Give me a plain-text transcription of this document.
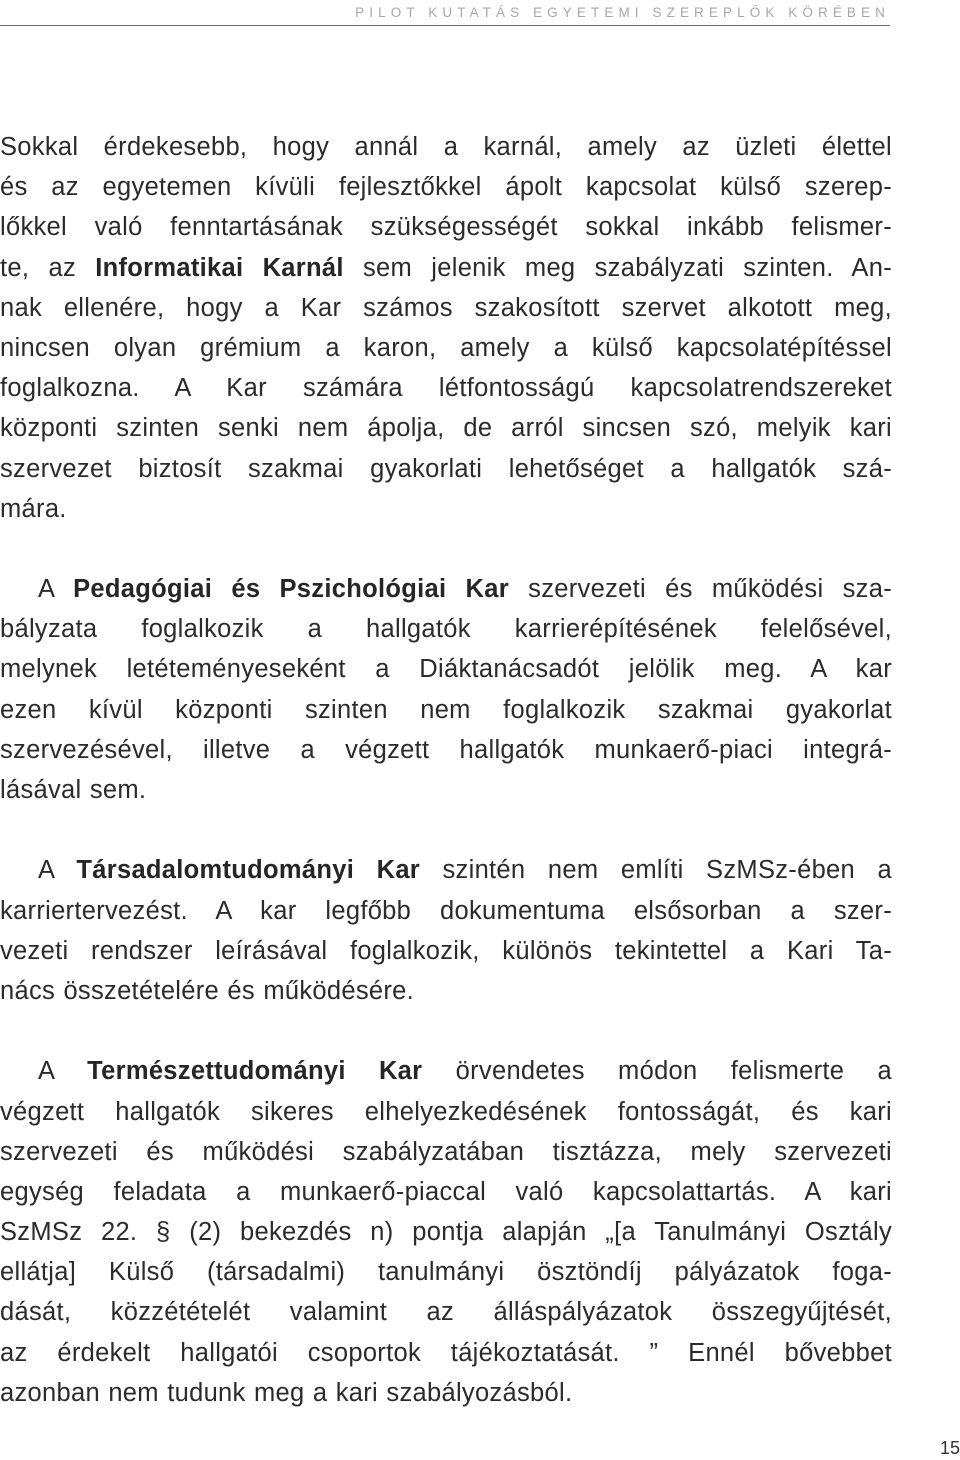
PILOT KUTATÁS EGYETEMI SZEREPLŐK KÖRÉBEN
Sokkal érdekesebb, hogy annál a karnál, amely az üzleti élettel
és az egyetemen kívüli fejlesztőkkel ápolt kapcsolat külső szerep-
lőkkel való fenntartásának szükségességét sokkal inkább felismer-
te, az Informatikai Karnál sem jelenik meg szabályzati szinten. An-
nak ellenére, hogy a Kar számos szakosított szervet alkotott meg,
nincsen olyan grémium a karon, amely a külső kapcsolatépítéssel
foglalkozna. A Kar számára létfontosságú kapcsolatrendszereket
központi szinten senki nem ápolja, de arról sincsen szó, melyik kari
szervezet biztosít szakmai gyakorlati lehetőséget a hallgatók szá-
mára.
A Pedagógiai és Pszichológiai Kar szervezeti és működési sza-
bályzata foglalkozik a hallgatók karrierépítésének felelősével,
melynek letéteményeseként a Diáktanácsadót jelölik meg. A kar
ezen kívül központi szinten nem foglalkozik szakmai gyakorlat
szervezésével, illetve a végzett hallgatók munkaerő-piaci integrá-
lásával sem.
A Társadalomtudományi Kar szintén nem említi SzMSz-ében a
karriertervezést. A kar legfőbb dokumentuma elsősorban a szer-
vezeti rendszer leírásával foglalkozik, különös tekintettel a Kari Ta-
nács összetételére és működésére.
A Természettudományi Kar örvendetes módon felismerte a
végzett hallgatók sikeres elhelyezkedésének fontosságát, és kari
szervezeti és működési szabályzatában tisztázza, mely szervezeti
egység feladata a munkaerő-piaccal való kapcsolattartás. A kari
SzMSz 22. § (2) bekezdés n) pontja alapján „[a Tanulmányi Osztály
ellátja] Külső (társadalmi) tanulmányi ösztöndíj pályázatok foga-
dását, közzétételét valamint az álláspályázatok összegyűjtését,
az érdekelt hallgatói csoportok tájékoztatását. ” Ennél bővebbet
azonban nem tudunk meg a kari szabályozásból.
15
